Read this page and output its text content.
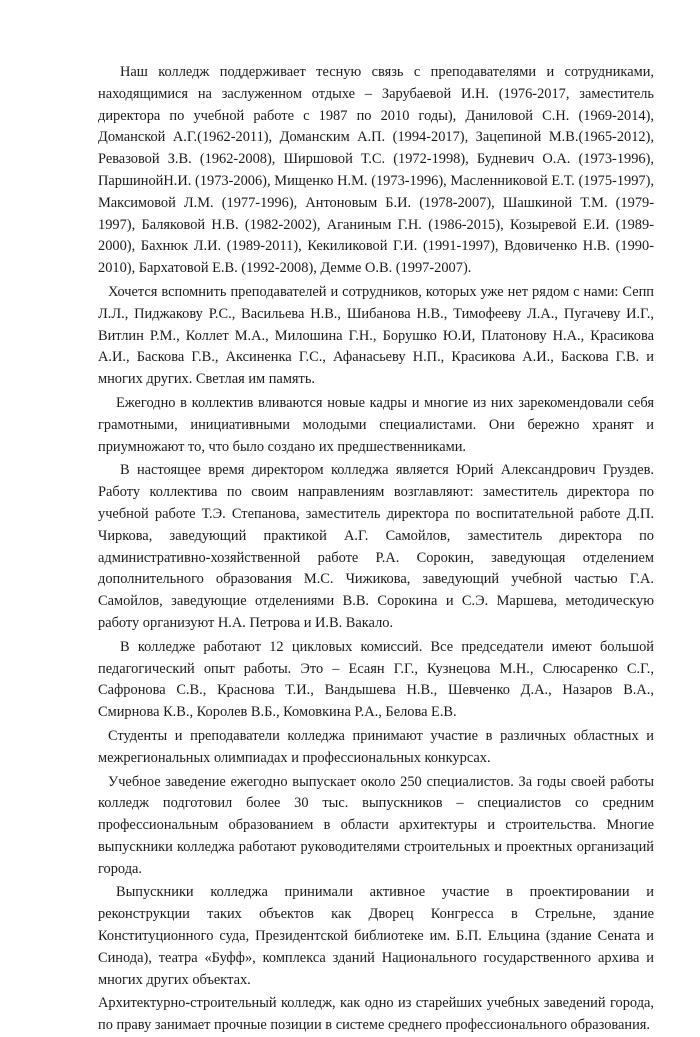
Наш колледж поддерживает тесную связь с преподавателями и сотрудниками, находящимися на заслуженном отдыхе – Зарубаевой И.Н. (1976-2017, заместитель директора по учебной работе с 1987 по 2010 годы), Даниловой С.Н. (1969-2014), Доманской А.Г.(1962-2011), Доманским А.П. (1994-2017), Зацепиной М.В.(1965-2012), Ревазовой З.В. (1962-2008), Ширшовой Т.С. (1972-1998), Будневич О.А. (1973-1996), ПаршинойН.И. (1973-2006), Мищенко Н.М. (1973-1996), Масленниковой Е.Т. (1975-1997), Максимовой Л.М. (1977-1996), Антоновым Б.И. (1978-2007), Шашкиной Т.М. (1979-1997), Баляковой Н.В. (1982-2002), Аганиным Г.Н. (1986-2015), Козыревой Е.И. (1989-2000), Бахнюк Л.И. (1989-2011), Кекиликовой Г.И. (1991-1997), Вдовиченко Н.В. (1990-2010), Бархатовой Е.В. (1992-2008), Демме О.В. (1997-2007).

Хочется вспомнить преподавателей и сотрудников, которых уже нет рядом с нами: Сепп Л.Л., Пиджакову Р.С., Васильева Н.В., Шибанова Н.В., Тимофееву Л.А., Пугачеву И.Г., Витлин Р.М., Коллет М.А., Милошина Г.Н., Борушко Ю.И, Платонову Н.А., Красикова А.И., Баскова Г.В., Аксиненка Г.С., Афанасьеву Н.П., Красикова А.И., Баскова Г.В. и многих других. Светлая им память.

Ежегодно в коллектив вливаются новые кадры и многие из них зарекомендовали себя грамотными, инициативными молодыми специалистами. Они бережно хранят и приумножают то, что было создано их предшественниками.

В настоящее время директором колледжа является Юрий Александрович Груздев. Работу коллектива по своим направлениям возглавляют: заместитель директора по учебной работе Т.Э. Степанова, заместитель директора по воспитательной работе Д.П. Чиркова, заведующий практикой А.Г. Самойлов, заместитель директора по административно-хозяйственной работе Р.А. Сорокин, заведующая отделением дополнительного образования М.С. Чижикова, заведующий учебной частью Г.А. Самойлов, заведующие отделениями В.В. Сорокина и С.Э. Маршева, методическую работу организуют Н.А. Петрова и И.В. Вакало.

В колледже работают 12 цикловых комиссий. Все председатели имеют большой педагогический опыт работы. Это – Есаян Г.Г., Кузнецова М.Н., Слюсаренко С.Г., Сафронова С.В., Краснова Т.И., Вандышева Н.В., Шевченко Д.А., Назаров В.А., Смирнова К.В., Королев В.Б., Комовкина Р.А., Белова Е.В.

Студенты и преподаватели колледжа принимают участие в различных областных и межрегиональных олимпиадах и профессиональных конкурсах.

Учебное заведение ежегодно выпускает около 250 специалистов. За годы своей работы колледж подготовил более 30 тыс. выпускников – специалистов со средним профессиональным образованием в области архитектуры и строительства. Многие выпускники колледжа работают руководителями строительных и проектных организаций города.

Выпускники колледжа принимали активное участие в проектировании и реконструкции таких объектов как Дворец Конгресса в Стрельне, здание Конституционного суда, Президентской библиотеке им. Б.П. Ельцина (здание Сената и Синода), театра «Буфф», комплекса зданий Национального государственного архива и многих других объектах.

Архитектурно-строительный колледж, как одно из старейших учебных заведений города, по праву занимает прочные позиции в системе среднего профессионального образования.
